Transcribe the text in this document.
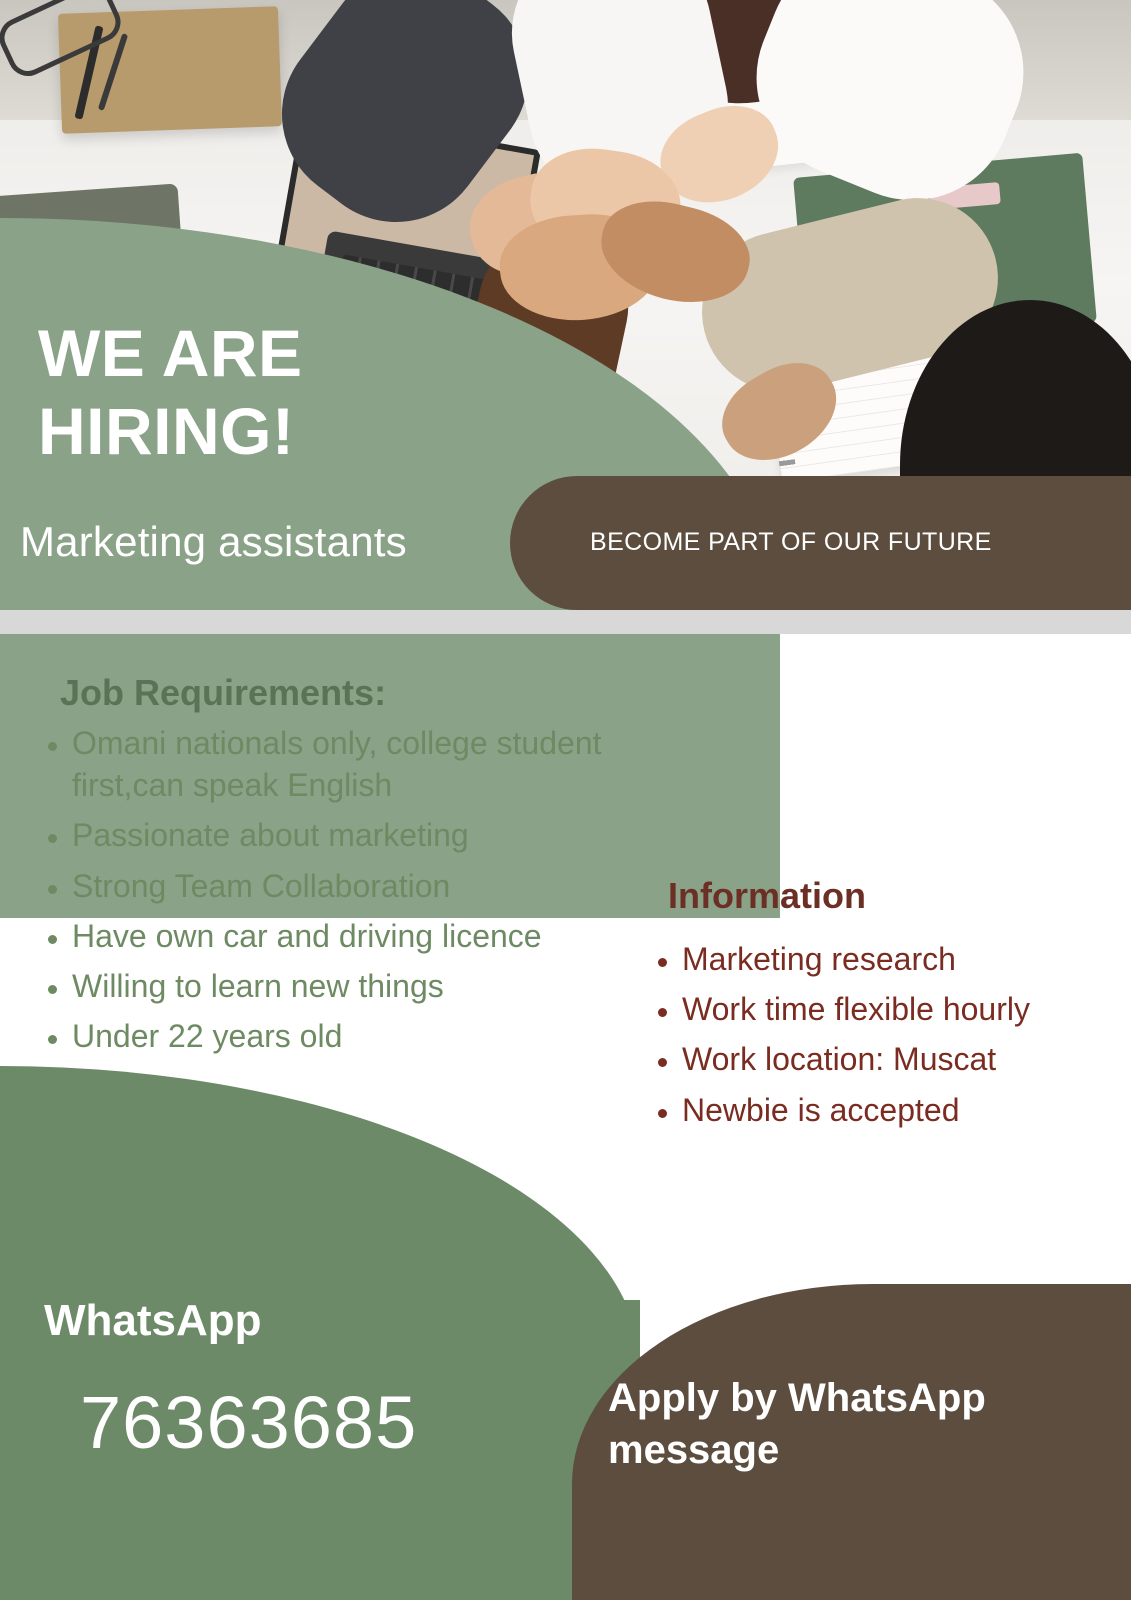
WE ARE
HIRING!
Marketing assistants	BECOME PART OF OUR FUTURE
Job Requirements:
Omani nationals only, college student first,can speak English
Passionate about marketing
Strong Team Collaboration
Have own car and driving licence
Willing to learn new things
Under 22 years old
Information
Marketing research
Work time flexible hourly
Work location: Muscat
Newbie is accepted
WhatsApp
76363685	Apply by WhatsApp message
